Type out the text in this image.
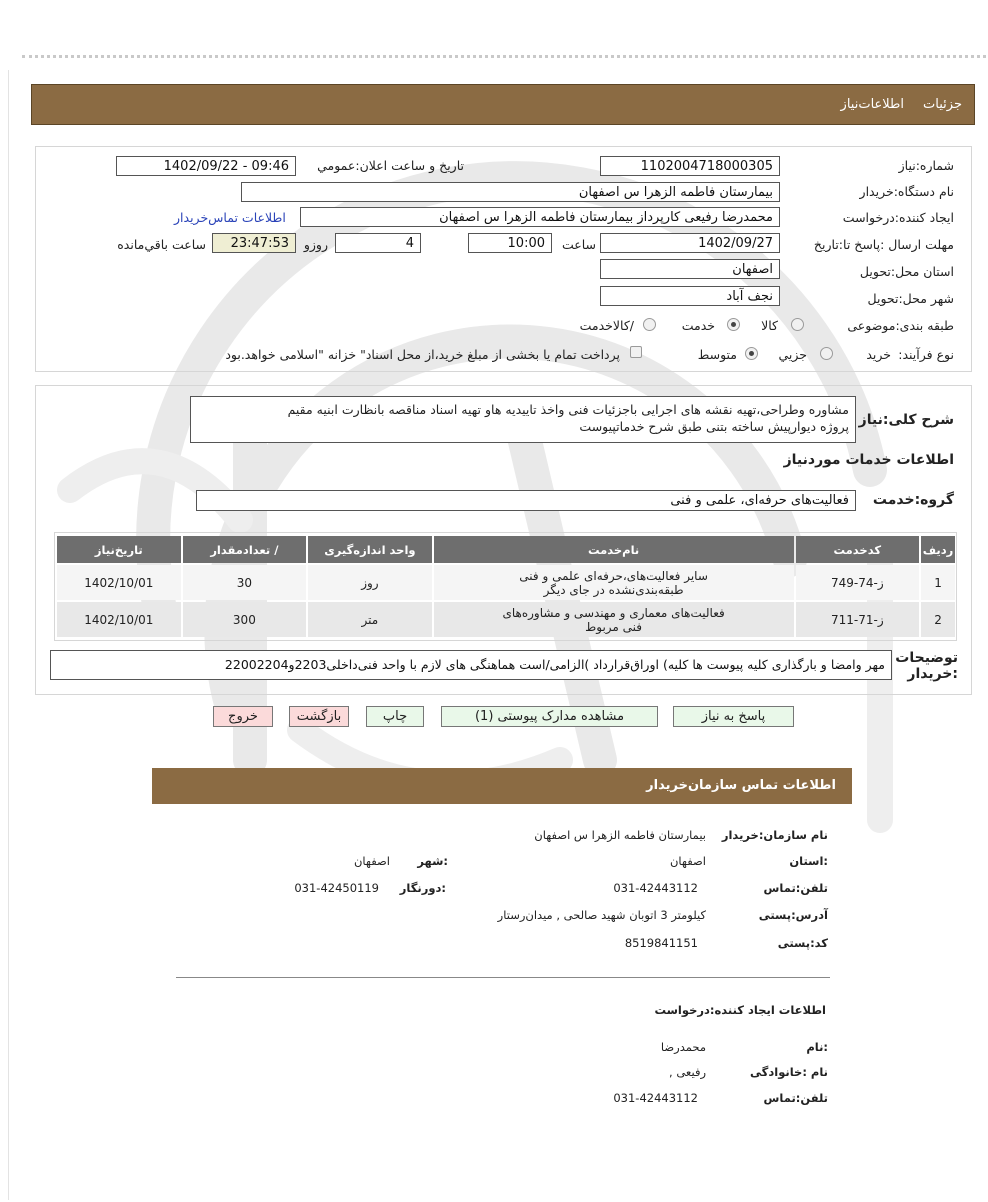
جزئیات
اطلاعات‌نیاز
شماره:نیاز
1102004718000305
تاریخ و ساعت اعلان:عمومي
1402/09/22 - 09:46
نام دستگاه:خريدار
بیمارستان فاطمه الزهرا س اصفهان
ایجاد کننده:درخواست
محمدرضا رفیعی کارپرداز بیمارستان فاطمه الزهرا س اصفهان
اطلاعات تماس‌خريدار
مهلت ارسال :پاسخ تا:تاريخ
1402/09/27
ساعت
10:00
4
روزو
23:47:53
ساعت باقي‌مانده
استان محل:تحويل
اصفهان
شهر محل:تحويل
نجف آباد
طبقه بندی:موضوعی
کالا
خدمت
/کالاخدمت
نوع فرآیند:
خريد
جزيي
متوسط
پرداخت تمام يا بخشی از مبلغ خريد،از محل اسناد" خزانه "اسلامی خواهد.بود
شرح کلی:نیاز
مشاوره وطراحی،تهیه نقشه های اجرایی باجزئیات فنی واخذ تاییدیه هاو تهیه اسناد مناقصه بانظارت ابنیه مقیم
پروژه دیوارپیش ساخته بتنی طبق شرح خدماتپیوست
اطلاعات خدمات موردنياز
گروه:خدمت
فعالیت‌های حرفه‌ای، علمی و فنی
رديف	کدخدمت	نام‌خدمت	واحد اندازه‌گيری	/ تعدادمقدار	تاريخ‌نياز
1	ز-74-749	سایر فعالیت‌های،حرفه‌ای علمی و فنی
طبقه‌بندی‌نشده در جای دیگر	روز	30	1402/10/01
2	ز-71-711	فعالیت‌های معماری و مهندسی و مشاوره‌های
فنی مربوط	متر	300	1402/10/01
توضيحات
:خريدار
مهر وامضا و بارگذاری کلیه پیوست ها کلیه) اوراق‌قرارداد )الزامی/است هماهنگی های لازم با واحد فنی‌داخلی‌2203و22002204
پاسخ به نياز
مشاهده مدارک پيوستی (1)
چاپ
بازگشت
خروج
اطلاعات تماس سازمان‌خريدار
نام سازمان:خريدار
بيمارستان فاطمه الزهرا س اصفهان
:استان
اصفهان
:شهر
اصفهان
تلفن:تماس
031-42443112
:دورنگار
031-42450119
آدرس:پستی
کيلومتر 3 اتوبان شهيد صالحی , ميدان‌رستار
کد:پستی
8519841151
اطلاعات ايجاد کننده:درخواست
:نام
محمدرضا
نام :خانوادگی
رفيعی ,
تلفن:تماس
031-42443112
